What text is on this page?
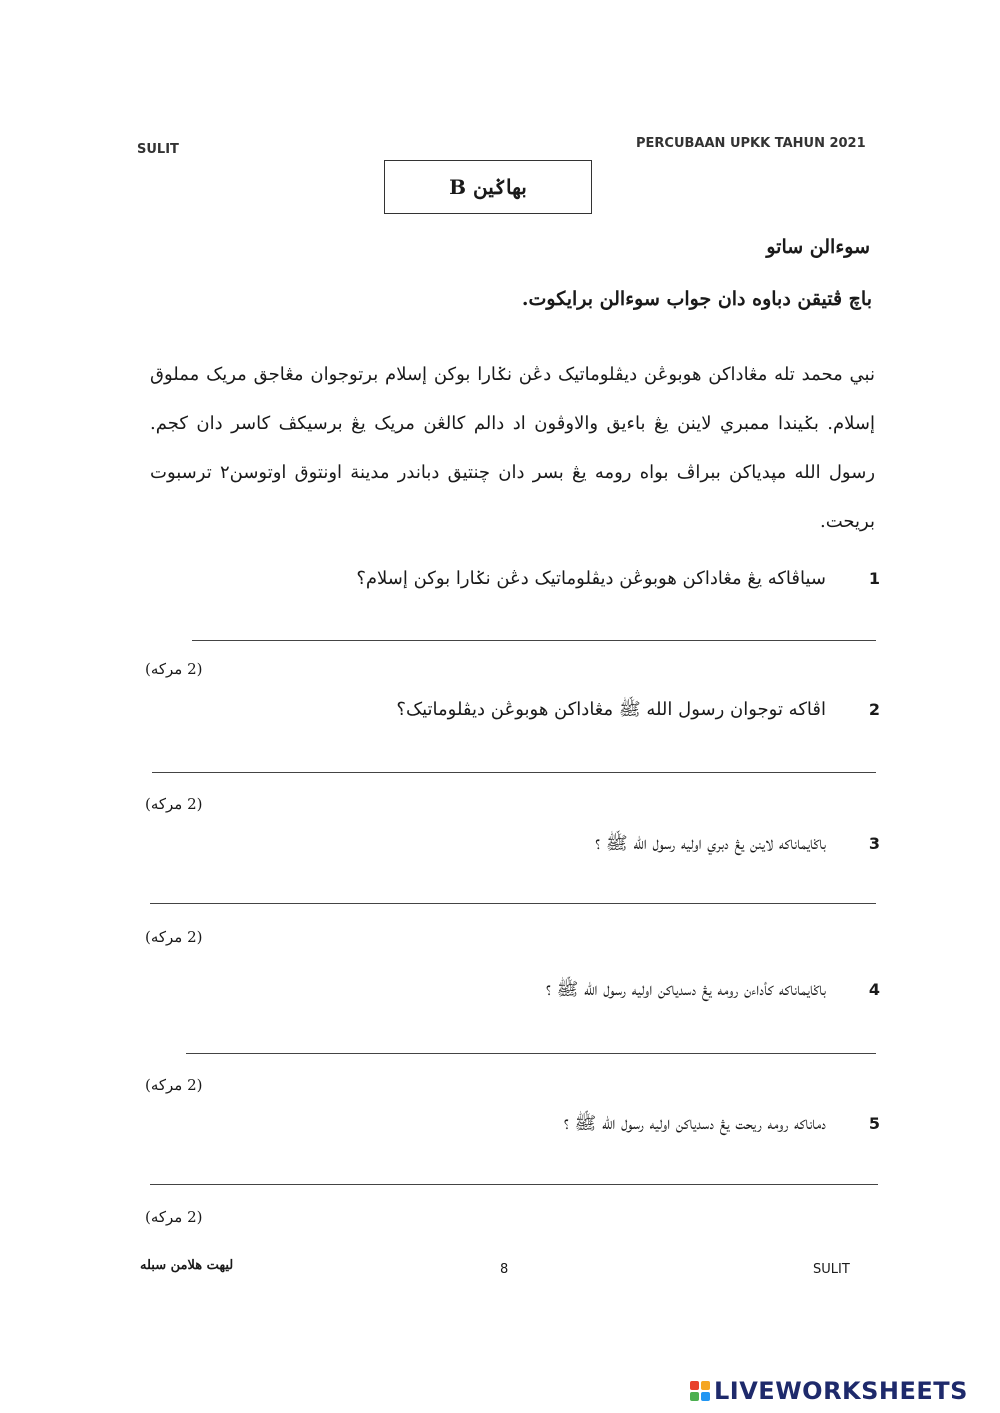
SULIT	PERCUBAAN UPKK TAHUN 2021
بهاݢين B
سوءالن ساتو
باچ ڤتيقن دباوه دان جواب سوءالن برايكوت.
نبي محمد تله مڠاداكن هوبوڠن ديڤلوماتيک دڠن نݢارا بوکن إسلام برتوجوان مڠاجق مريک مملوق إسلام. بݢيندا ممبري لاينن يڠ باءيق والاوڤون اد دالم کالڠن مريک يڠ برسيکڤ کاسر دان کجم. رسول الله مپدياکن ببراڤ بواه رومه يڠ بسر دان چنتيق دباندر مدينة اونتوق اوتوسن٢ ترسبوت بريحت.
1
سياڤاکه يڠ مڠاداکن هوبوڠن ديڤلوماتيک دڠن نݢارا بوکن إسلام؟
(2 مرکه)
2
اڤاکه توجوان رسول الله ﷺ مڠاداکن هوبوڠن ديڤلوماتيک؟
(2 مرکه)
3
باݢايماناکه لاينن يڠ دبري اوليه رسول الله ﷺ ؟
(2 مرکه)
4
باݢايماناکه کأداءن رومه يڠ دسدياکن اوليه رسول الله ﷺ ؟
(2 مرکه)
5
دماناکه رومه ريحت يڠ دسدياکن اوليه رسول الله ﷺ ؟
(2 مرکه)
ليهت هلامن سبله	8	SULIT
LIVEWORKSHEETS
